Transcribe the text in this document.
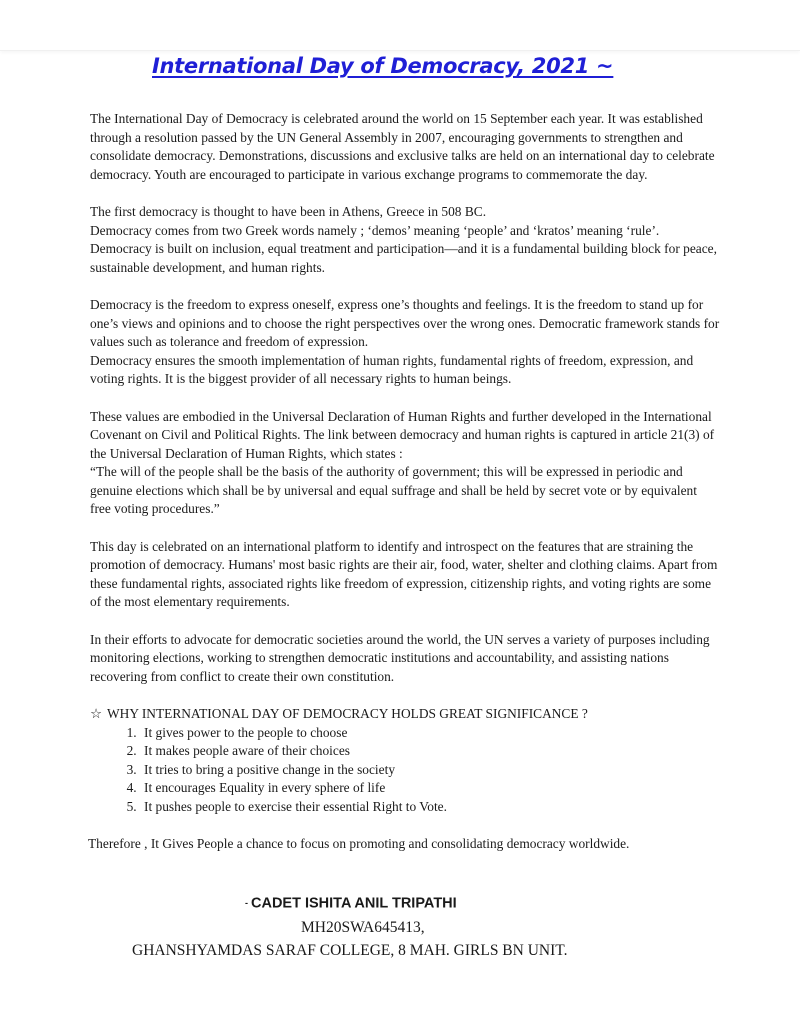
International Day of Democracy, 2021 ~

The International Day of Democracy is celebrated around the world on 15 September each year. It was established through a resolution passed by the UN General Assembly in 2007, encouraging governments to strengthen and consolidate democracy. Demonstrations, discussions and exclusive talks are held on an international day to celebrate democracy. Youth are encouraged to participate in various exchange programs to commemorate the day.

The first democracy is thought to have been in Athens, Greece in 508 BC.

Democracy comes from two Greek words namely ; ‘demos’ meaning ‘people’ and ‘kratos’ meaning ‘rule’. Democracy is built on inclusion, equal treatment and participation—and it is a fundamental building block for peace, sustainable development, and human rights.

Democracy is the freedom to express oneself, express one’s thoughts and feelings. It is the freedom to stand up for one’s views and opinions and to choose the right perspectives over the wrong ones. Democratic framework stands for values such as tolerance and freedom of expression.

Democracy ensures the smooth implementation of human rights, fundamental rights of freedom, expression, and voting rights. It is the biggest provider of all necessary rights to human beings.

These values are embodied in the Universal Declaration of Human Rights and further developed in the International Covenant on Civil and Political Rights. The link between democracy and human rights is captured in article 21(3) of the Universal Declaration of Human Rights, which states :

“The will of the people shall be the basis of the authority of government; this will be expressed in periodic and genuine elections which shall be by universal and equal suffrage and shall be held by secret vote or by equivalent free voting procedures.”

This day is celebrated on an international platform to identify and introspect on the features that are straining the promotion of democracy. Humans' most basic rights are their air, food, water, shelter and clothing claims. Apart from these fundamental rights, associated rights like freedom of expression, citizenship rights, and voting rights are some of the most elementary requirements.

In their efforts to advocate for democratic societies around the world, the UN serves a variety of purposes including monitoring elections, working to strengthen democratic institutions and accountability, and assisting nations recovering from conflict to create their own constitution.

☆ WHY INTERNATIONAL DAY OF DEMOCRACY HOLDS GREAT SIGNIFICANCE ?
1. It gives power to the people to choose
2. It makes people aware of their choices
3. It tries to bring a positive change in the society
4. It encourages Equality in every sphere of life
5. It pushes people to exercise their essential Right to Vote.
Therefore , It Gives People a chance to focus on promoting and consolidating democracy worldwide.
- CADET ISHITA ANIL TRIPATHI
MH20SWA645413,
GHANSHYAMDAS SARAF COLLEGE, 8 MAH. GIRLS BN UNIT.
